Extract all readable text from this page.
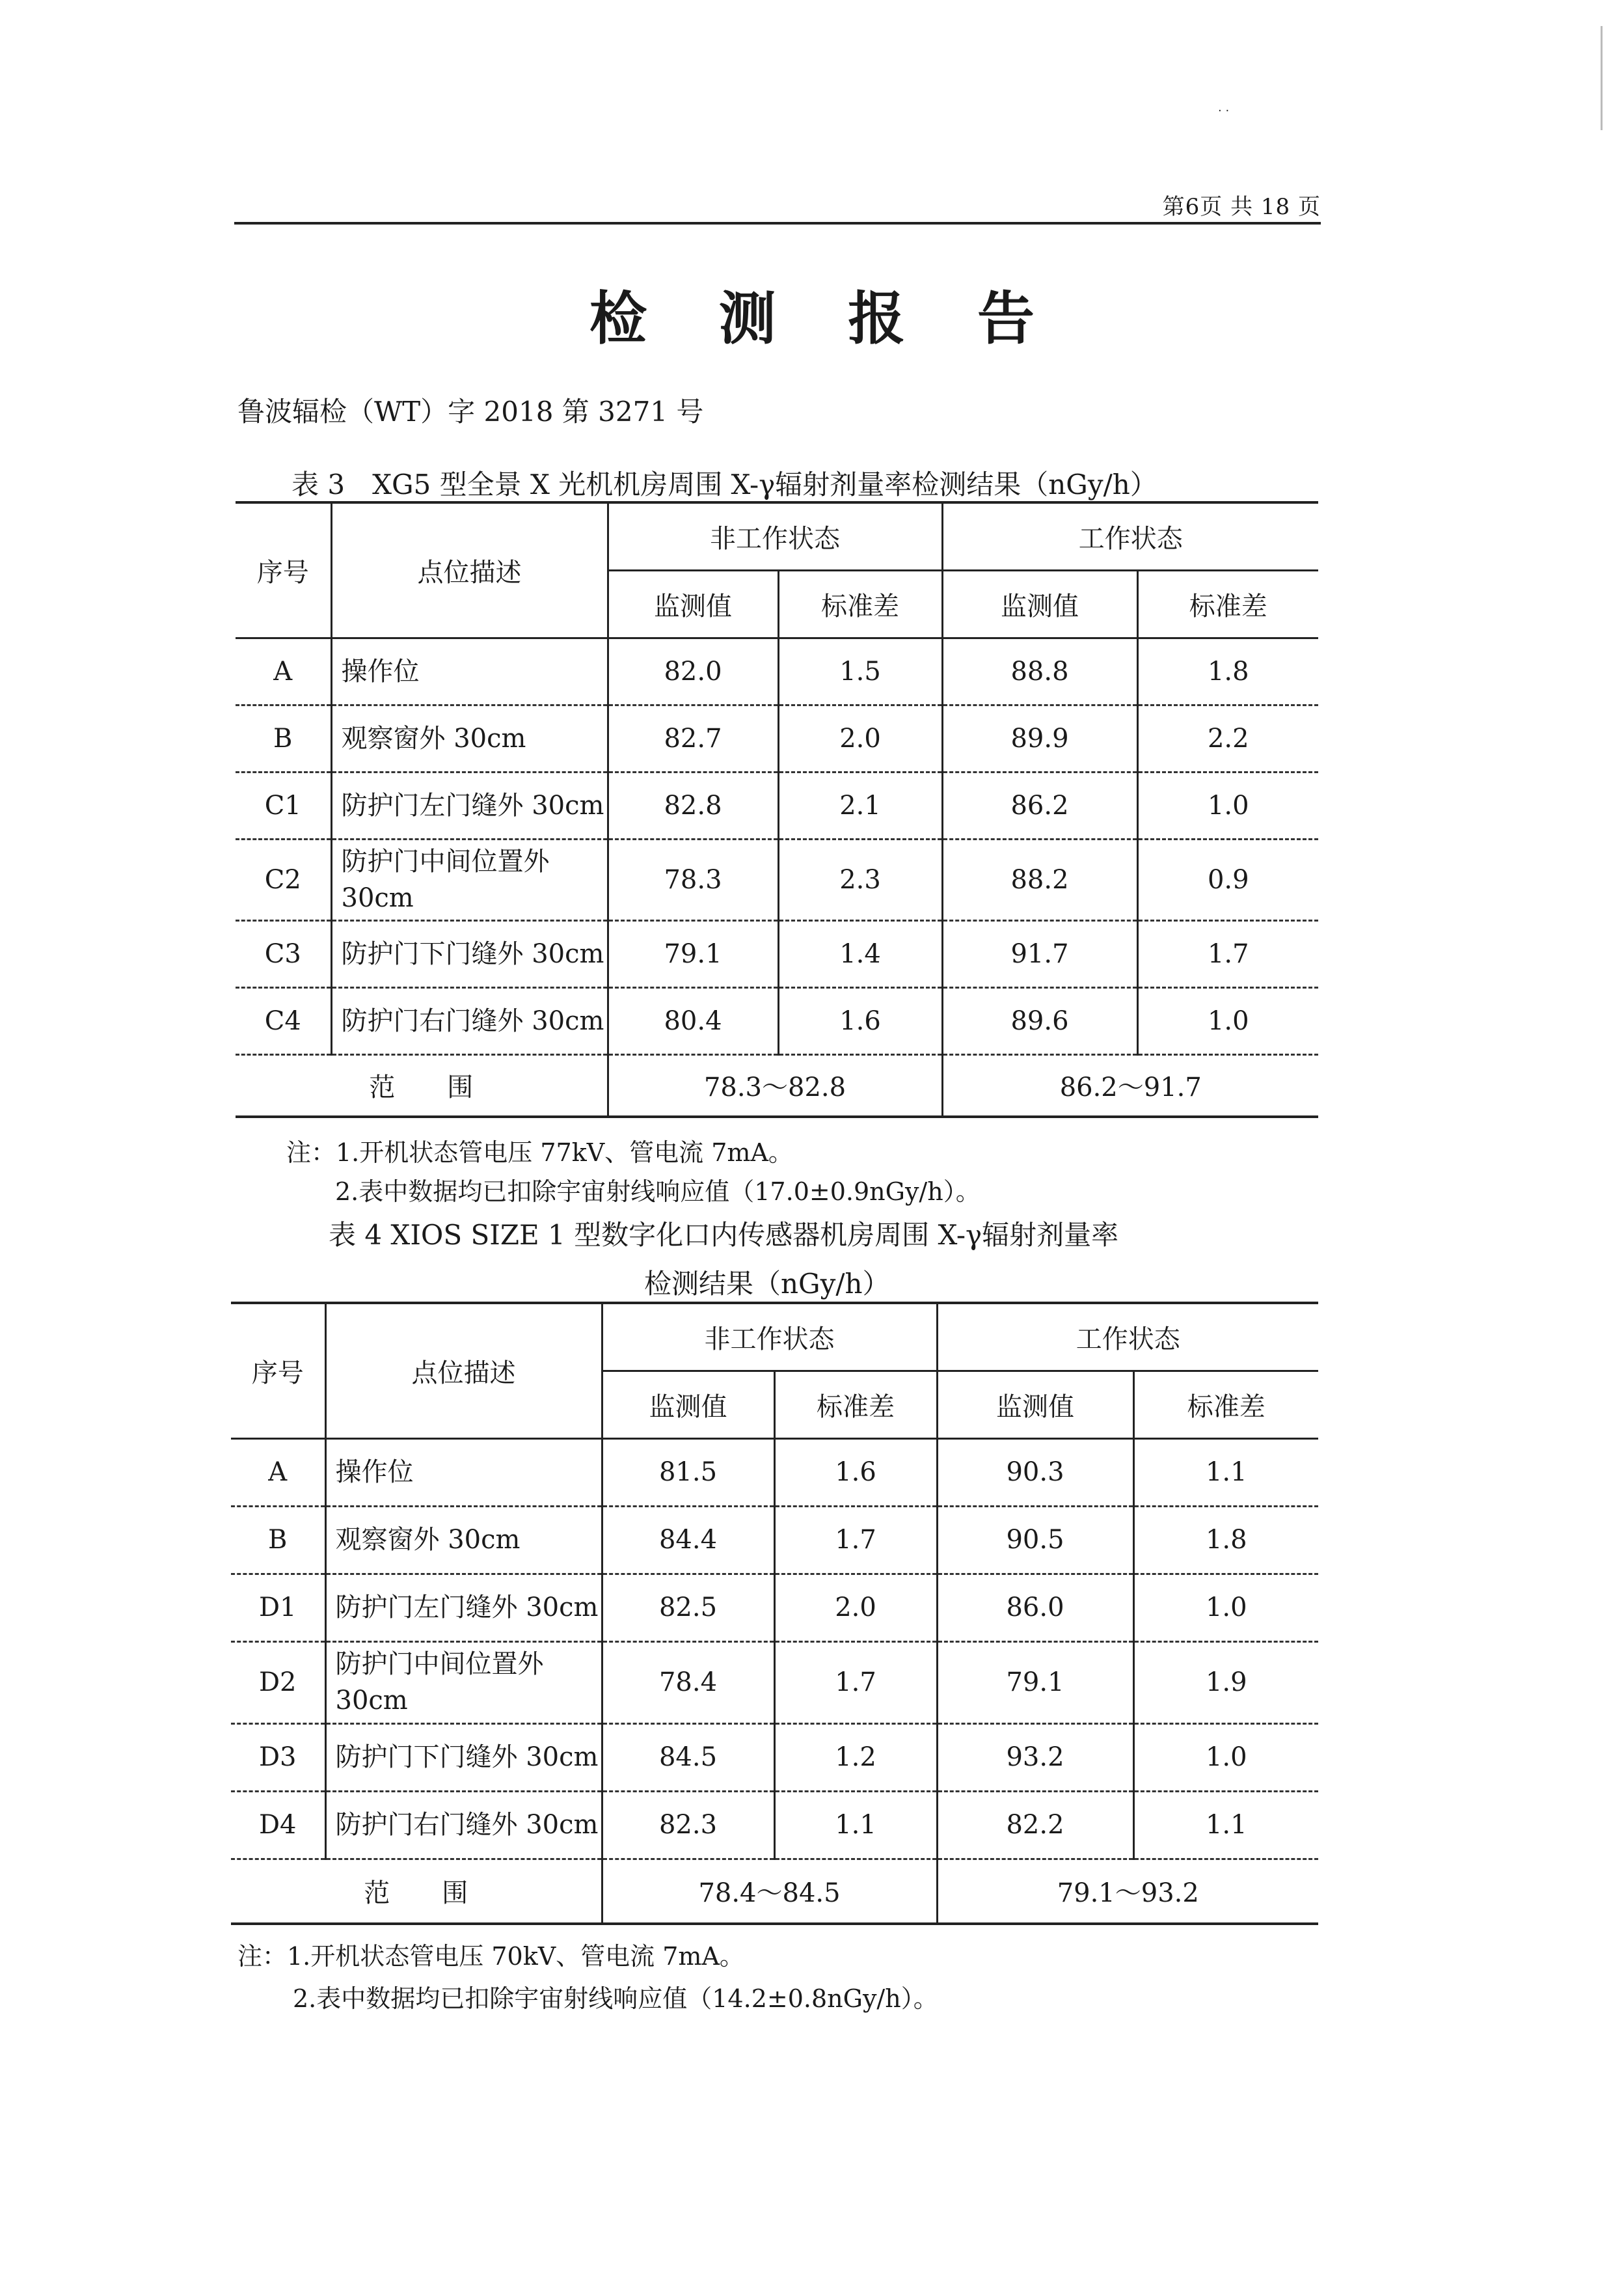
第6页 共 18 页
检 测 报 告
鲁波辐检（WT）字 2018 第 3271 号
表 3　XG5 型全景 X 光机机房周围 X-γ辐射剂量率检测结果（nGy/h）
序号	点位描述	非工作状态		工作状态	
		监测值	标准差	监测值	标准差
A	操作位	82.0	1.5	88.8	1.8
B	观察窗外 30cm	82.7	2.0	89.9	2.2
C1	防护门左门缝外 30cm	82.8	2.1	86.2	1.0
C2	防护门中间位置外 30cm	78.3	2.3	88.2	0.9
C3	防护门下门缝外 30cm	79.1	1.4	91.7	1.7
C4	防护门右门缝外 30cm	80.4	1.6	89.6	1.0
范　　围		78.3～82.8		86.2～91.7	
注：1.开机状态管电压 77kV、管电流 7mA。
2.表中数据均已扣除宇宙射线响应值（17.0±0.9nGy/h）。
表 4 XIOS SIZE 1 型数字化口内传感器机房周围 X-γ辐射剂量率
检测结果（nGy/h）
序号	点位描述	非工作状态		工作状态	
		监测值	标准差	监测值	标准差
A	操作位	81.5	1.6	90.3	1.1
B	观察窗外 30cm	84.4	1.7	90.5	1.8
D1	防护门左门缝外 30cm	82.5	2.0	86.0	1.0
D2	防护门中间位置外 30cm	78.4	1.7	79.1	1.9
D3	防护门下门缝外 30cm	84.5	1.2	93.2	1.0
D4	防护门右门缝外 30cm	82.3	1.1	82.2	1.1
范　　围		78.4～84.5		79.1～93.2	
注：1.开机状态管电压 70kV、管电流 7mA。
2.表中数据均已扣除宇宙射线响应值（14.2±0.8nGy/h）。
· ·
